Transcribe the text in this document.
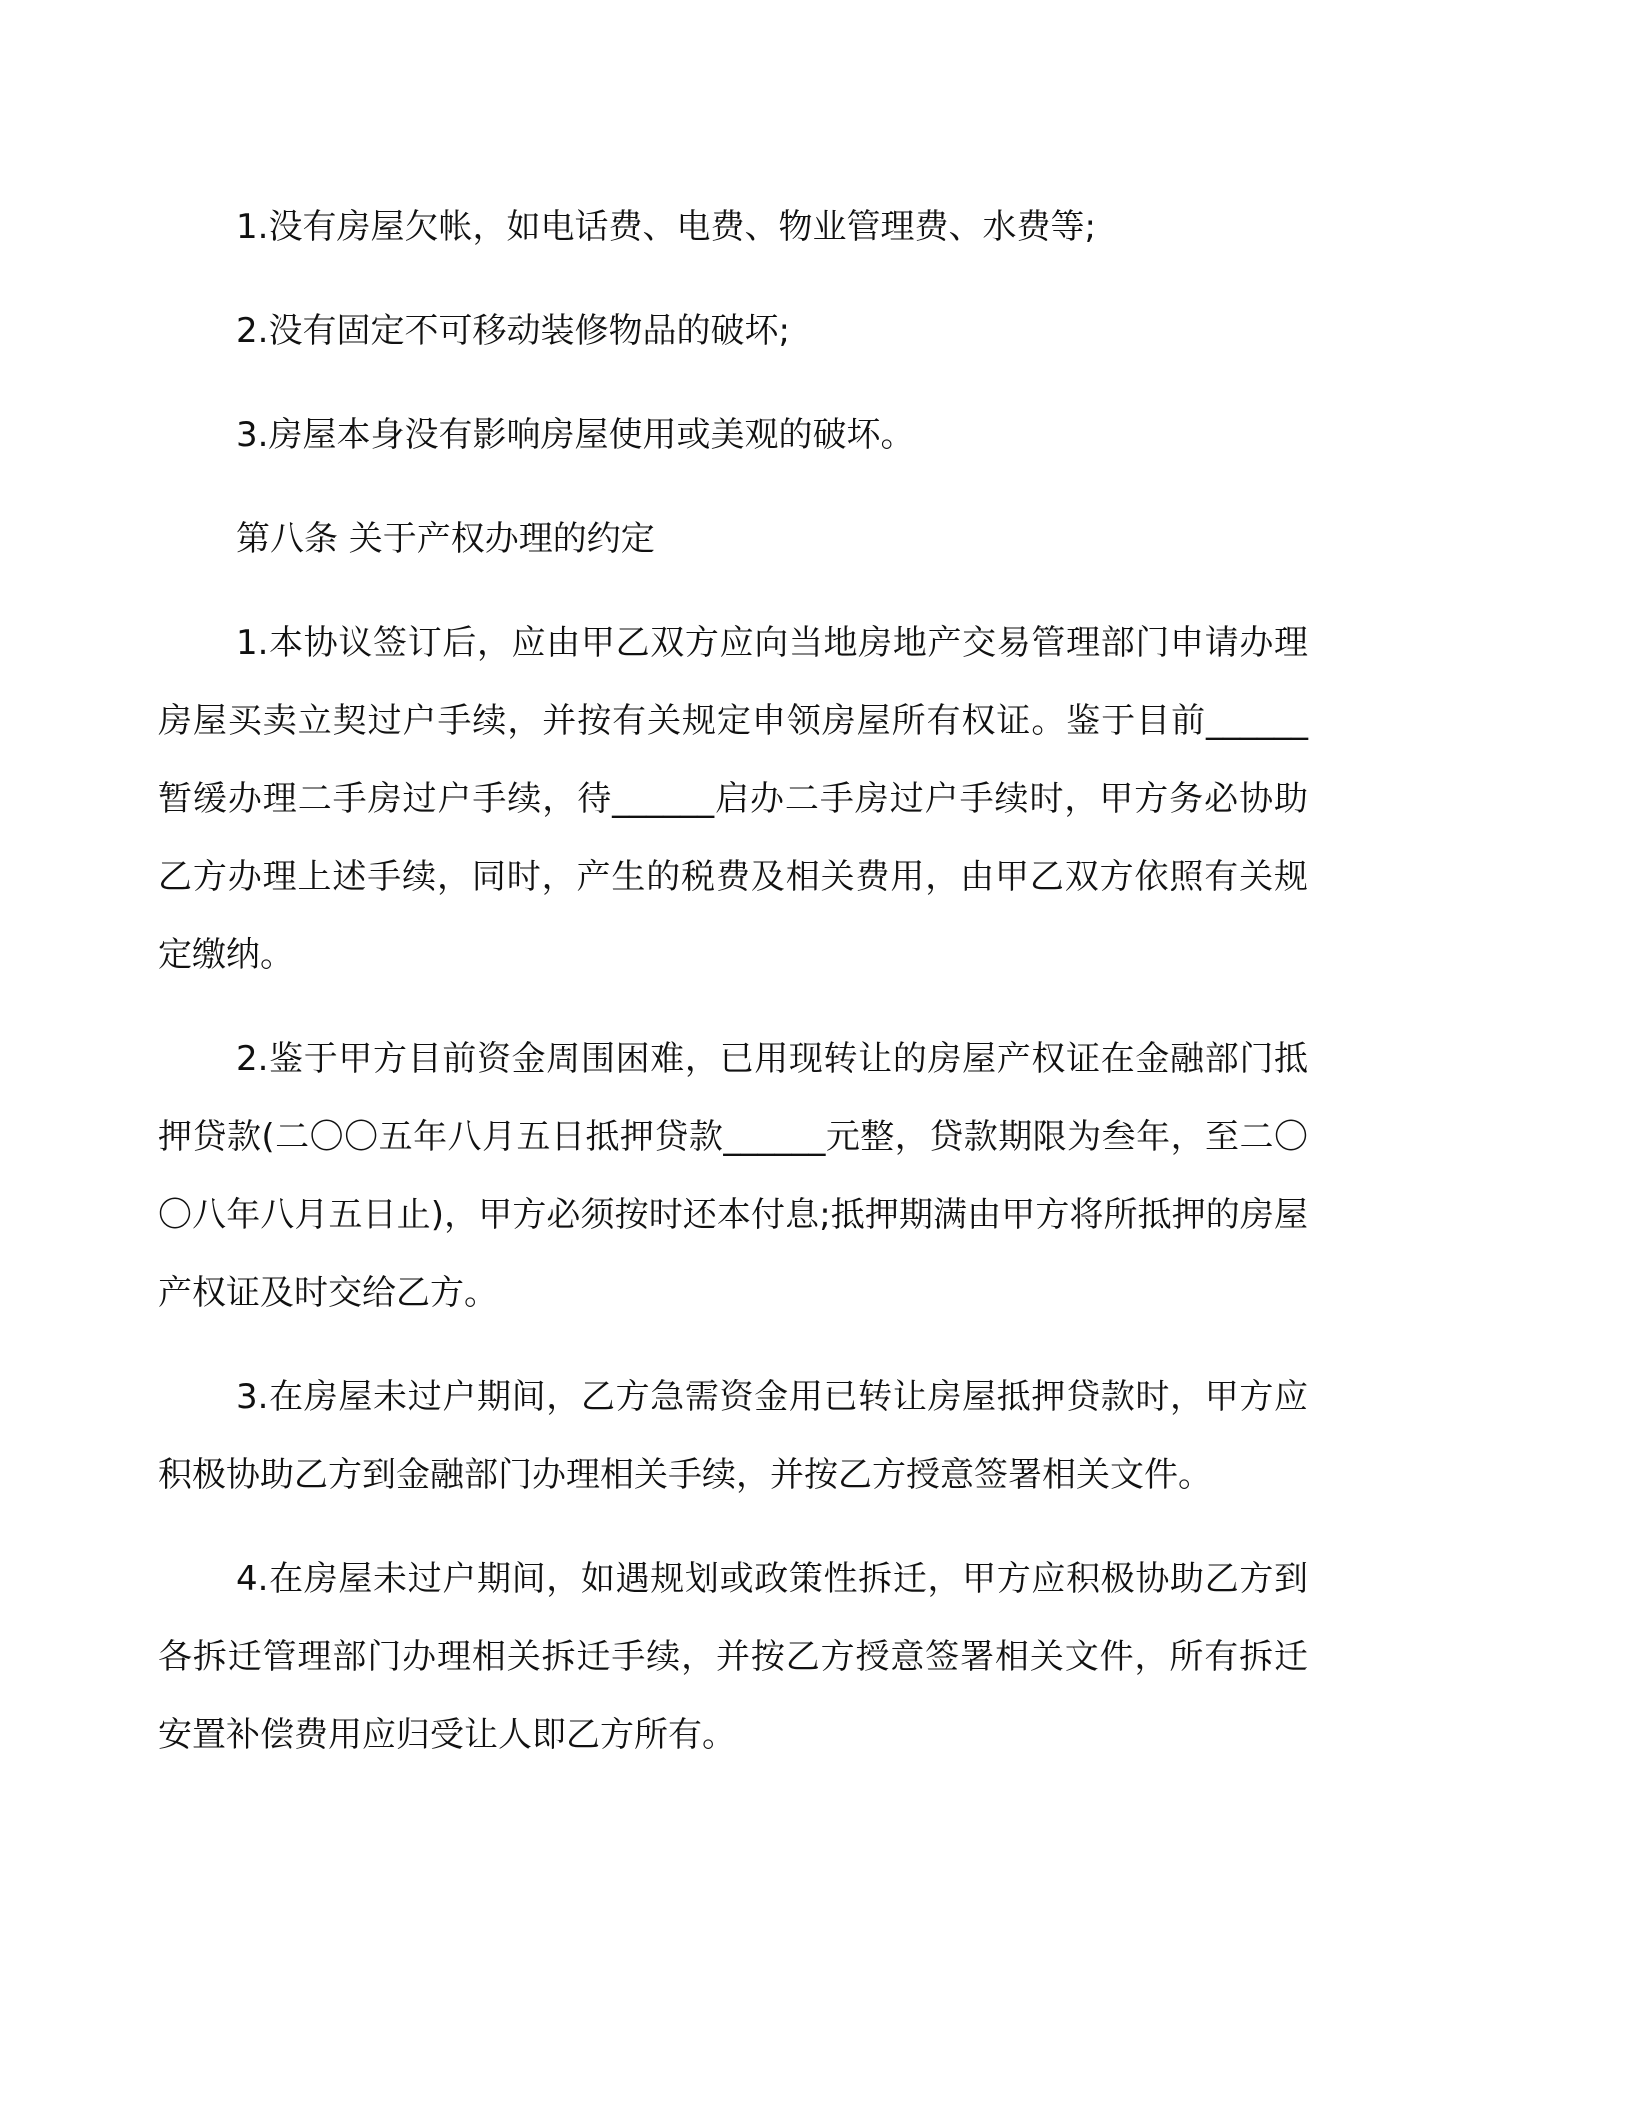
1.没有房屋欠帐，如电话费、电费、物业管理费、水费等;
2.没有固定不可移动装修物品的破坏;
3.房屋本身没有影响房屋使用或美观的破坏。
第八条 关于产权办理的约定

1.本协议签订后，应由甲乙双方应向当地房地产交易管理部门申请办理房屋买卖立契过户手续，并按有关规定申领房屋所有权证。鉴于目前______暂缓办理二手房过户手续，待______启办二手房过户手续时，甲方务必协助乙方办理上述手续，同时，产生的税费及相关费用，由甲乙双方依照有关规定缴纳。

2.鉴于甲方目前资金周围困难，已用现转让的房屋产权证在金融部门抵押贷款(二〇〇五年八月五日抵押贷款______元整，贷款期限为叁年，至二〇〇八年八月五日止)，甲方必须按时还本付息;抵押期满由甲方将所抵押的房屋产权证及时交给乙方。

3.在房屋未过户期间，乙方急需资金用已转让房屋抵押贷款时，甲方应积极协助乙方到金融部门办理相关手续，并按乙方授意签署相关文件。

4.在房屋未过户期间，如遇规划或政策性拆迁，甲方应积极协助乙方到各拆迁管理部门办理相关拆迁手续，并按乙方授意签署相关文件，所有拆迁安置补偿费用应归受让人即乙方所有。
